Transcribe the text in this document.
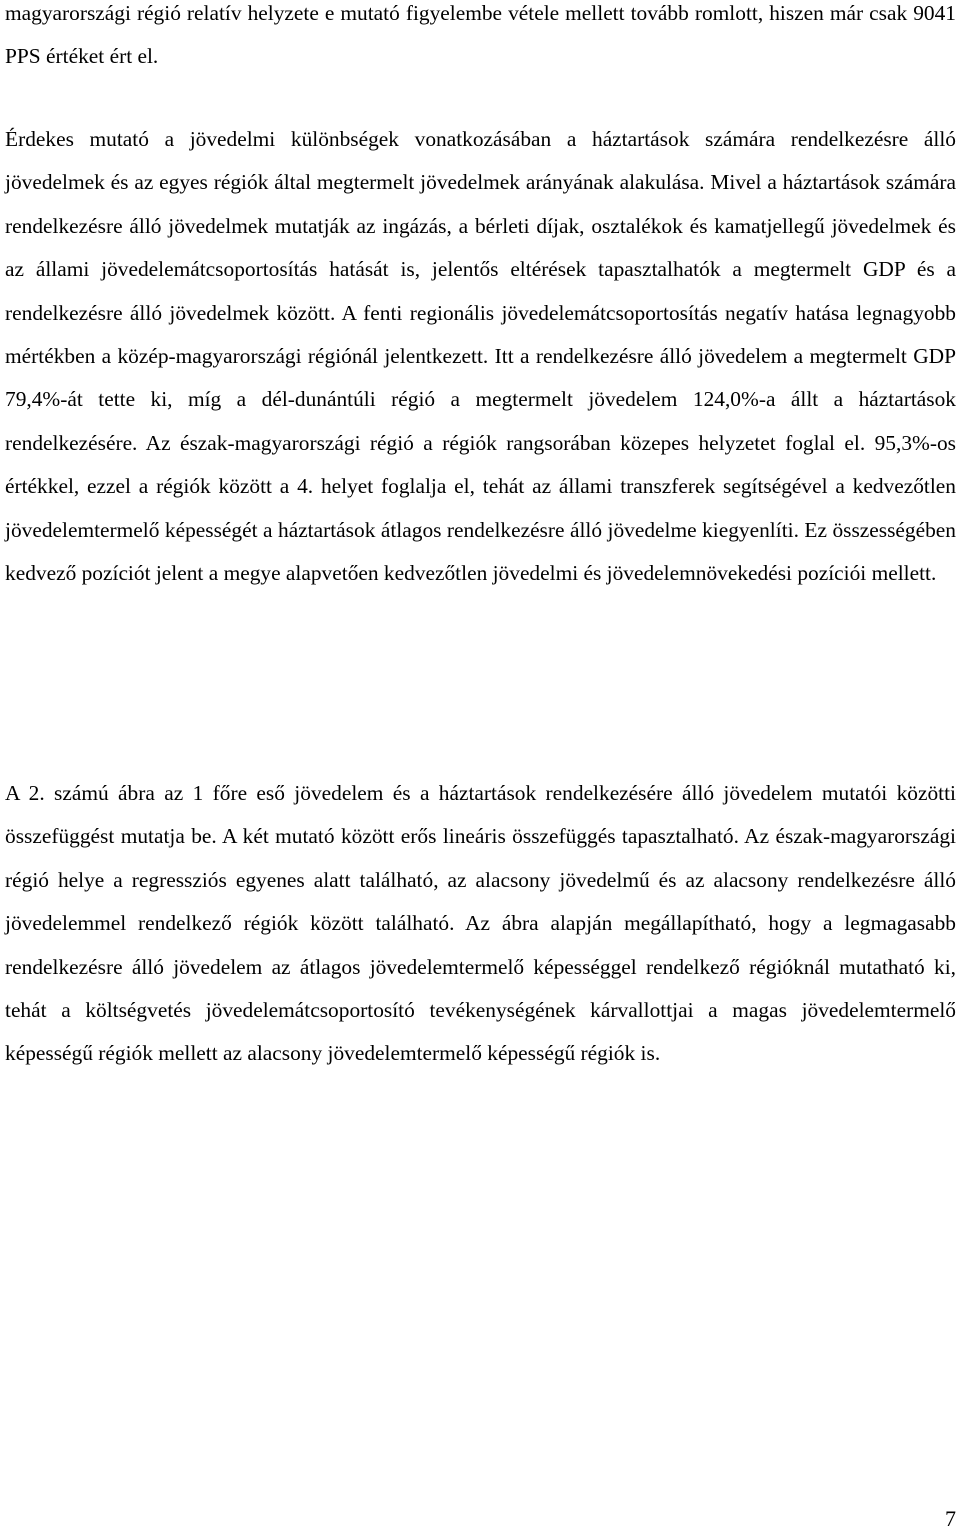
magyarországi régió relatív helyzete e mutató figyelembe vétele mellett tovább romlott, hiszen már csak 9041 PPS értéket ért el.

Érdekes mutató a jövedelmi különbségek vonatkozásában a háztartások számára rendelkezésre álló jövedelmek és az egyes régiók által megtermelt jövedelmek arányának alakulása. Mivel a háztartások számára rendelkezésre álló jövedelmek mutatják az ingázás, a bérleti díjak, osztalékok és kamatjellegű jövedelmek és az állami jövedelemátcsoportosítás hatását is, jelentős eltérések tapasztalhatók a megtermelt GDP és a rendelkezésre álló jövedelmek között. A fenti regionális jövedelemátcsoportosítás negatív hatása legnagyobb mértékben a közép-magyarországi régiónál jelentkezett. Itt a rendelkezésre álló jövedelem a megtermelt GDP 79,4%-át tette ki, míg a dél-dunántúli régió a megtermelt jövedelem 124,0%-a állt a háztartások rendelkezésére. Az észak-magyarországi régió a régiók rangsorában közepes helyzetet foglal el. 95,3%-os értékkel, ezzel a régiók között a 4. helyet foglalja el, tehát az állami transzferek segítségével a kedvezőtlen jövedelemtermelő képességét a háztartások átlagos rendelkezésre álló jövedelme kiegyenlíti. Ez összességében kedvező pozíciót jelent a megye alapvetően kedvezőtlen jövedelmi és jövedelemnövekedési pozíciói mellett.

A 2. számú ábra az 1 főre eső jövedelem és a háztartások rendelkezésére álló jövedelem mutatói közötti összefüggést mutatja be. A két mutató között erős lineáris összefüggés tapasztalható. Az észak-magyarországi régió helye a regressziós egyenes alatt található, az alacsony jövedelmű és az alacsony rendelkezésre álló jövedelemmel rendelkező régiók között található. Az ábra alapján megállapítható, hogy a legmagasabb rendelkezésre álló jövedelem az átlagos jövedelemtermelő képességgel rendelkező régióknál mutatható ki, tehát a költségvetés jövedelemátcsoportosító tevékenységének kárvallottjai a magas jövedelemtermelő képességű régiók mellett az alacsony jövedelemtermelő képességű régiók is.

7
